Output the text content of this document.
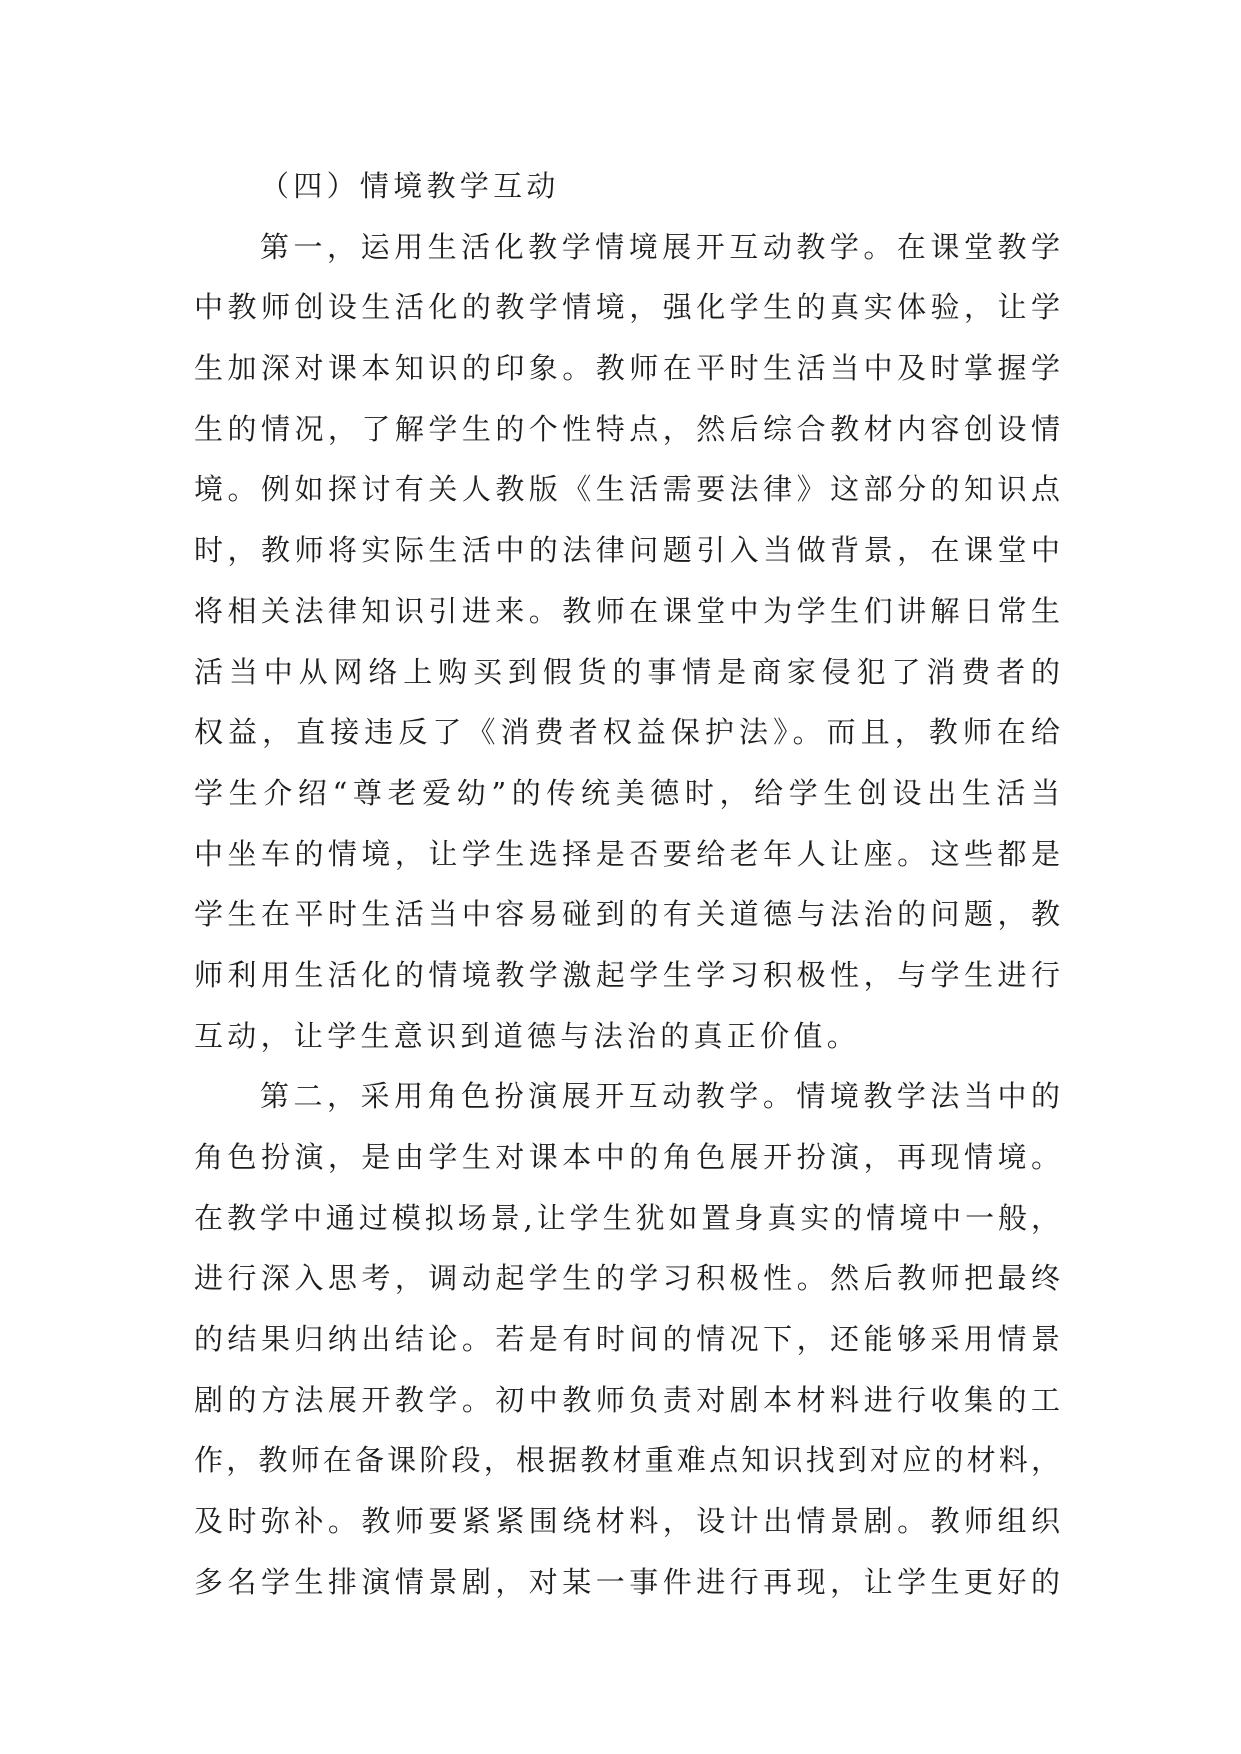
（四）情境教学互动
第一，运用生活化教学情境展开互动教学。在课堂教学
中教师创设生活化的教学情境，强化学生的真实体验，让学
生加深对课本知识的印象。教师在平时生活当中及时掌握学
生的情况，了解学生的个性特点，然后综合教材内容创设情
境。例如探讨有关人教版《生活需要法律》这部分的知识点
时，教师将实际生活中的法律问题引入当做背景，在课堂中
将相关法律知识引进来。教师在课堂中为学生们讲解日常生
活当中从网络上购买到假货的事情是商家侵犯了消费者的
权益，直接违反了《消费者权益保护法》。而且，教师在给
学生介绍“尊老爱幼”的传统美德时，给学生创设出生活当
中坐车的情境，让学生选择是否要给老年人让座。这些都是
学生在平时生活当中容易碰到的有关道德与法治的问题，教
师利用生活化的情境教学激起学生学习积极性，与学生进行
互动，让学生意识到道德与法治的真正价值。
第二，采用角色扮演展开互动教学。情境教学法当中的
角色扮演，是由学生对课本中的角色展开扮演，再现情境。
在教学中通过模拟场景,让学生犹如置身真实的情境中一般，
进行深入思考，调动起学生的学习积极性。然后教师把最终
的结果归纳出结论。若是有时间的情况下，还能够采用情景
剧的方法展开教学。初中教师负责对剧本材料进行收集的工
作，教师在备课阶段，根据教材重难点知识找到对应的材料，
及时弥补。教师要紧紧围绕材料，设计出情景剧。教师组织
多名学生排演情景剧，对某一事件进行再现，让学生更好的
